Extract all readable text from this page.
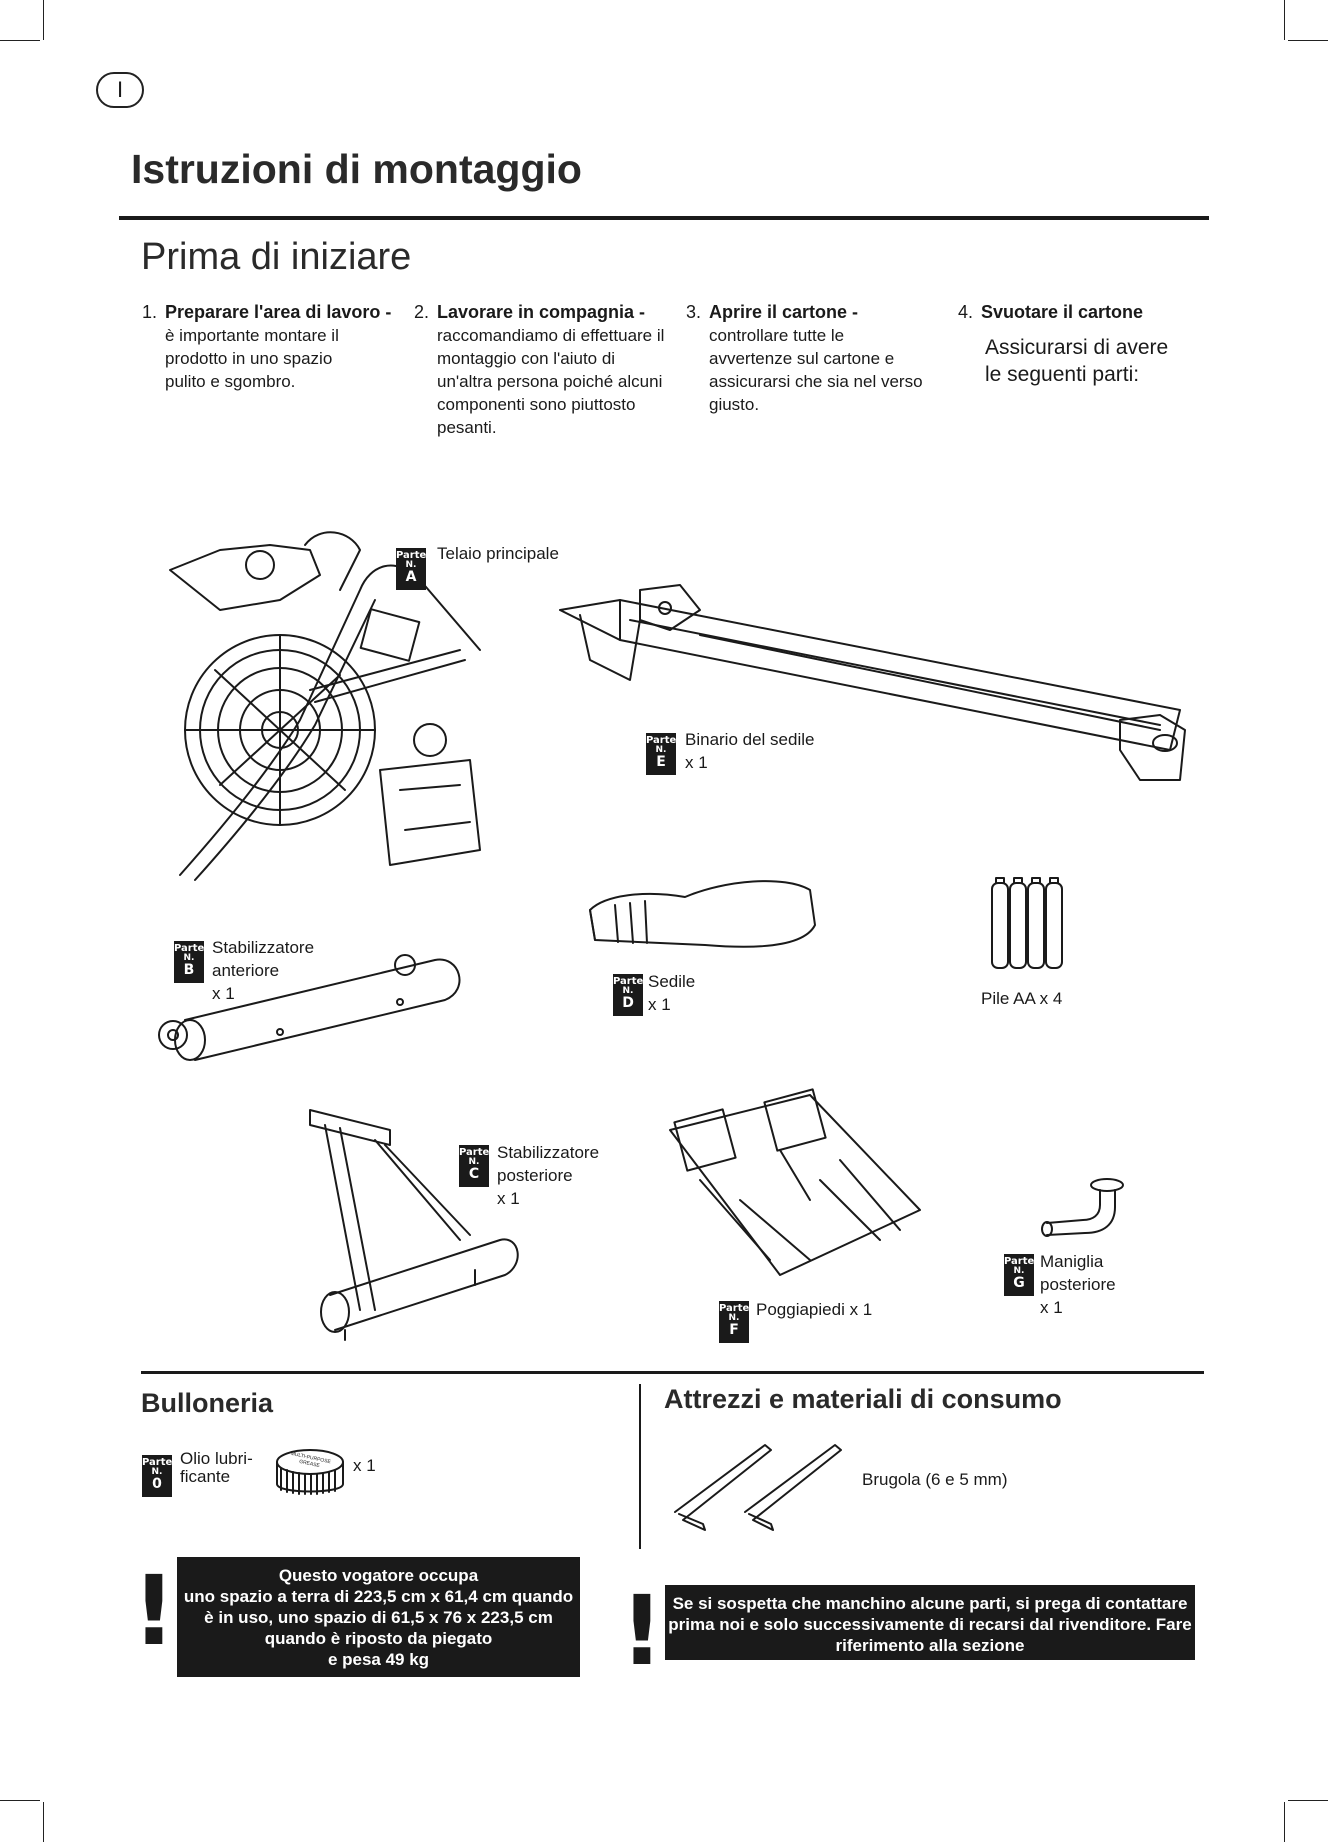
I
Istruzioni di montaggio
Prima di iniziare
1. Preparare l'area di lavoro -
è importante montare il prodotto in uno spazio pulito e sgombro.
2. Lavorare in compagnia -
raccomandiamo di effettuare il montaggio con l'aiuto di un'altra persona poiché alcuni componenti sono piuttosto pesanti.
3. Aprire il cartone -
controllare tutte le avvertenze sul cartone e assicurarsi che sia nel verso giusto.
4. Svuotare il cartone
Assicurarsi di avere le seguenti parti:
Parte
N.
A
Telaio principale
Parte
N.
E
Binario del sedile
x 1
Parte
N.
B
Stabilizzatore anteriore
x 1
Parte
N.
D
Sedile
x 1	Pile AA x 4
Parte
N.
C
Stabilizzatore posteriore
x 1
Parte
N.
F
Poggiapiedi x 1
Parte
N.
G
Maniglia posteriore
x 1
Bulloneria
Parte
N.
0
Olio lubri- ficante
MULTI-PURPOSE GREASE	x 1
Attrezzi e materiali di consumo
Brugola (6 e 5 mm)
!	Questo vogatore occupa
uno spazio a terra di 223,5 cm x 61,4 cm quando
è in uso, uno spazio di 61,5 x 76 x 223,5 cm
quando è riposto da piegato
e pesa 49 kg	! Se si sospetta che manchino alcune parti, si prega di contattare
prima noi e solo successivamente di recarsi dal rivenditore. Fare
riferimento alla sezione
